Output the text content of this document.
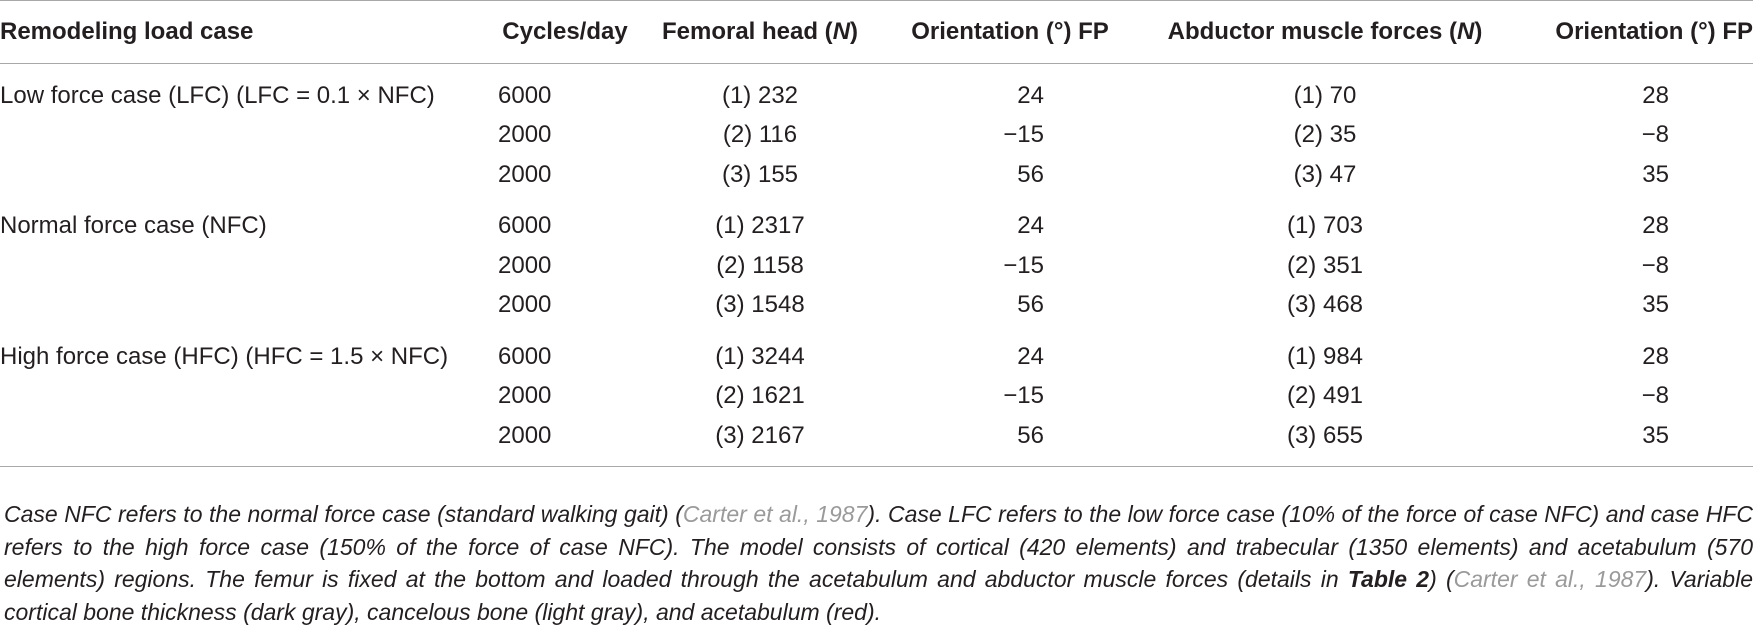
Remodeling load case	Cycles/day	Femoral head (N)	Orientation (°) FP	Abductor muscle forces (N)	Orientation (°) FP
Low force case (LFC) (LFC = 0.1 × NFC)	6000	(1) 232	24	(1) 70	28
	2000	(2) 116	−15	(2) 35	−8
	2000	(3) 155	56	(3) 47	35
Normal force case (NFC)	6000	(1) 2317	24	(1) 703	28
	2000	(2) 1158	−15	(2) 351	−8
	2000	(3) 1548	56	(3) 468	35
High force case (HFC) (HFC = 1.5 × NFC)	6000	(1) 3244	24	(1) 984	28
	2000	(2) 1621	−15	(2) 491	−8
	2000	(3) 2167	56	(3) 655	35
Case NFC refers to the normal force case (standard walking gait) (Carter et al., 1987). Case LFC refers to the low force case (10% of the force of case NFC) and case HFC refers to the high force case (150% of the force of case NFC). The model consists of cortical (420 elements) and trabecular (1350 elements) and acetabulum (570 elements) regions. The femur is fixed at the bottom and loaded through the acetabulum and abductor muscle forces (details in Table 2) (Carter et al., 1987). Variable cortical bone thickness (dark gray), cancelous bone (light gray), and acetabulum (red).
